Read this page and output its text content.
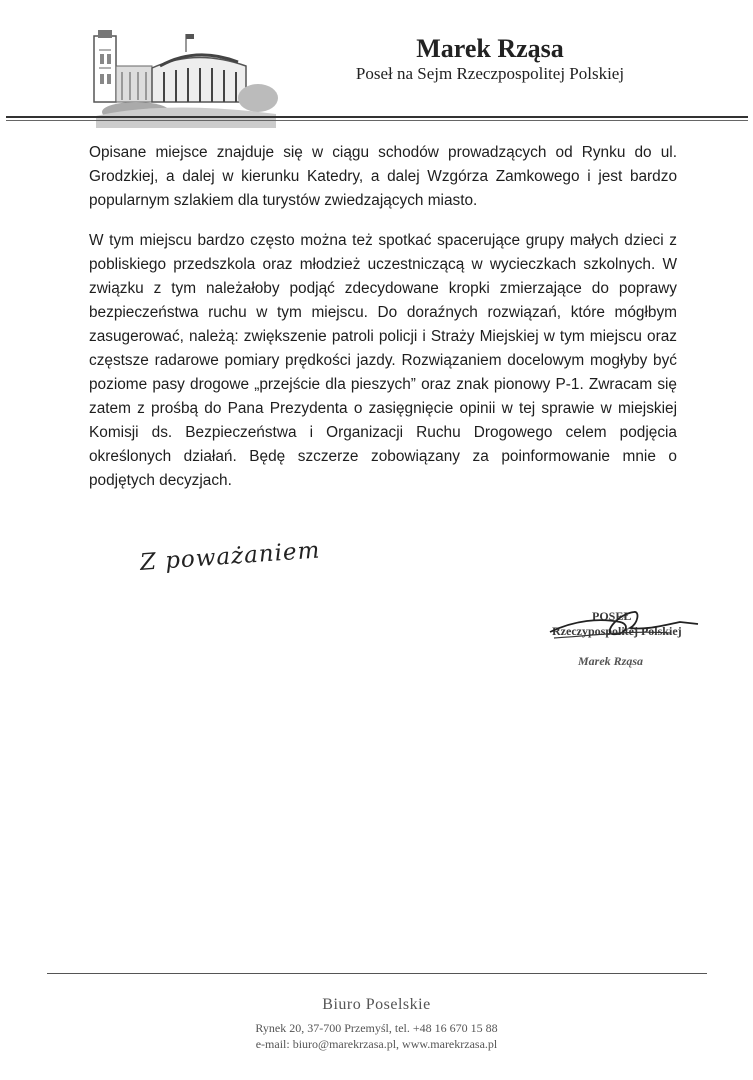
Marek Rząsa
Poseł na Sejm Rzeczpospolitej Polskiej

Opisane miejsce znajduje się w ciągu schodów prowadzących od Rynku do ul. Grodzkiej, a dalej w kierunku Katedry, a dalej Wzgórza Zamkowego i jest bardzo popularnym szlakiem dla turystów zwiedzających miasto.

W tym miejscu bardzo często można też spotkać spacerujące grupy małych dzieci z pobliskiego przedszkola oraz młodzież uczestniczącą w wycieczkach szkolnych. W związku z tym należałoby podjąć zdecydowane kropki zmierzające do poprawy bezpieczeństwa ruchu w tym miejscu. Do doraźnych rozwiązań, które mógłbym zasugerować, należą: zwiększenie patroli policji i Straży Miejskiej w tym miejscu oraz częstsze radarowe pomiary prędkości jazdy. Rozwiązaniem docelowym mogłyby być poziome pasy drogowe „przejście dla pieszych” oraz znak pionowy P-1. Zwracam się zatem z prośbą do Pana Prezydenta o zasięgnięcie opinii w tej sprawie w miejskiej Komisji ds. Bezpieczeństwa i Organizacji Ruchu Drogowego celem podjęcia określonych działań. Będę szczerze zobowiązany za poinformowanie mnie o podjętych decyzjach.

Z poważaniem
POSEŁ
Rzeczypospolitej Polskiej
Marek Rząsa
Biuro Poselskie
Rynek 20, 37-700 Przemyśl, tel. +48 16 670 15 88
e-mail: biuro@marekrzasa.pl, www.marekrzasa.pl
